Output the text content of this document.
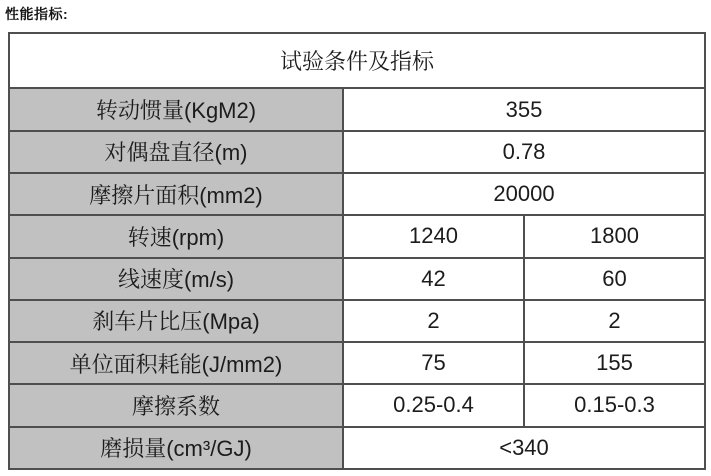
性能指标:
试验条件及指标		
转动惯量(KgM2)	355	
对偶盘直径(m)	0.78	
摩擦片面积(mm2)	20000	
转速(rpm)	1240	1800
线速度(m/s)	42	60
刹车片比压(Mpa)	2	2
单位面积耗能(J/mm2)	75	155
摩擦系数	0.25-0.4	0.15-0.3
磨损量(cm³/GJ)	<340	
